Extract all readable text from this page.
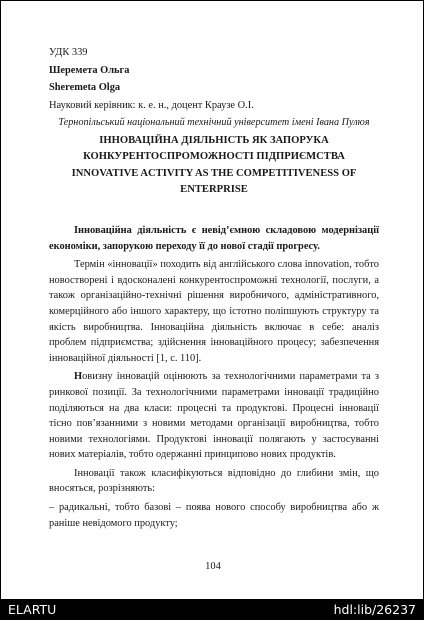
УДК 339
Шеремета Ольга
Sheremeta Olga
Науковий керівник: к. е. н., доцент Краузе О.І.
Тернопільський національний технічний університет імені Івана Пулюя
ІННОВАЦІЙНА ДІЯЛЬНІСТЬ ЯК ЗАПОРУКА
КОНКУРЕНТОСПРОМОЖНОСТІ ПІДПРИЄМСТВА
INNOVATIVE ACTIVITY AS THE COMPETITIVENESS OF
ENTERPRISE

Інноваційна діяльність є невід’ємною складовою модернізації економіки, запорукою переходу її до нової стадії прогресу.

Термін «інновації» походить від англійського слова innovation, тобто новостворені і вдосконалені конкурентоспроможні технології, послуги, а також організаційно-технічні рішення виробничого, адміністративного, комерційного або іншого характеру, що істотно поліпшують структуру та якість виробництва. Інноваційна діяльність включає в себе: аналіз проблем підприємства; здійснення інноваційного процесу; забезпечення інноваційної діяльності [1, с. 110].

Новизну інновацій оцінюють за технологічними параметрами та з ринкової позиції. За технологічними параметрами інновації традиційно поділяються на два класи: процесні та продуктові. Процесні інновації тісно пов’язанними з новими методами організації виробництва, тобто новими технологіями. Продуктові інновації полягають у застосуванні нових матеріалів, тобто одержанні принципово нових продуктів.

Інновації також класифікуються відповідно до глибини змін, що вносяться, розрізняють:

– радикальні, тобто базові – поява нового способу виробництва або ж раніше невідомого продукту;

104
ELARTU	hdl:lib/26237
